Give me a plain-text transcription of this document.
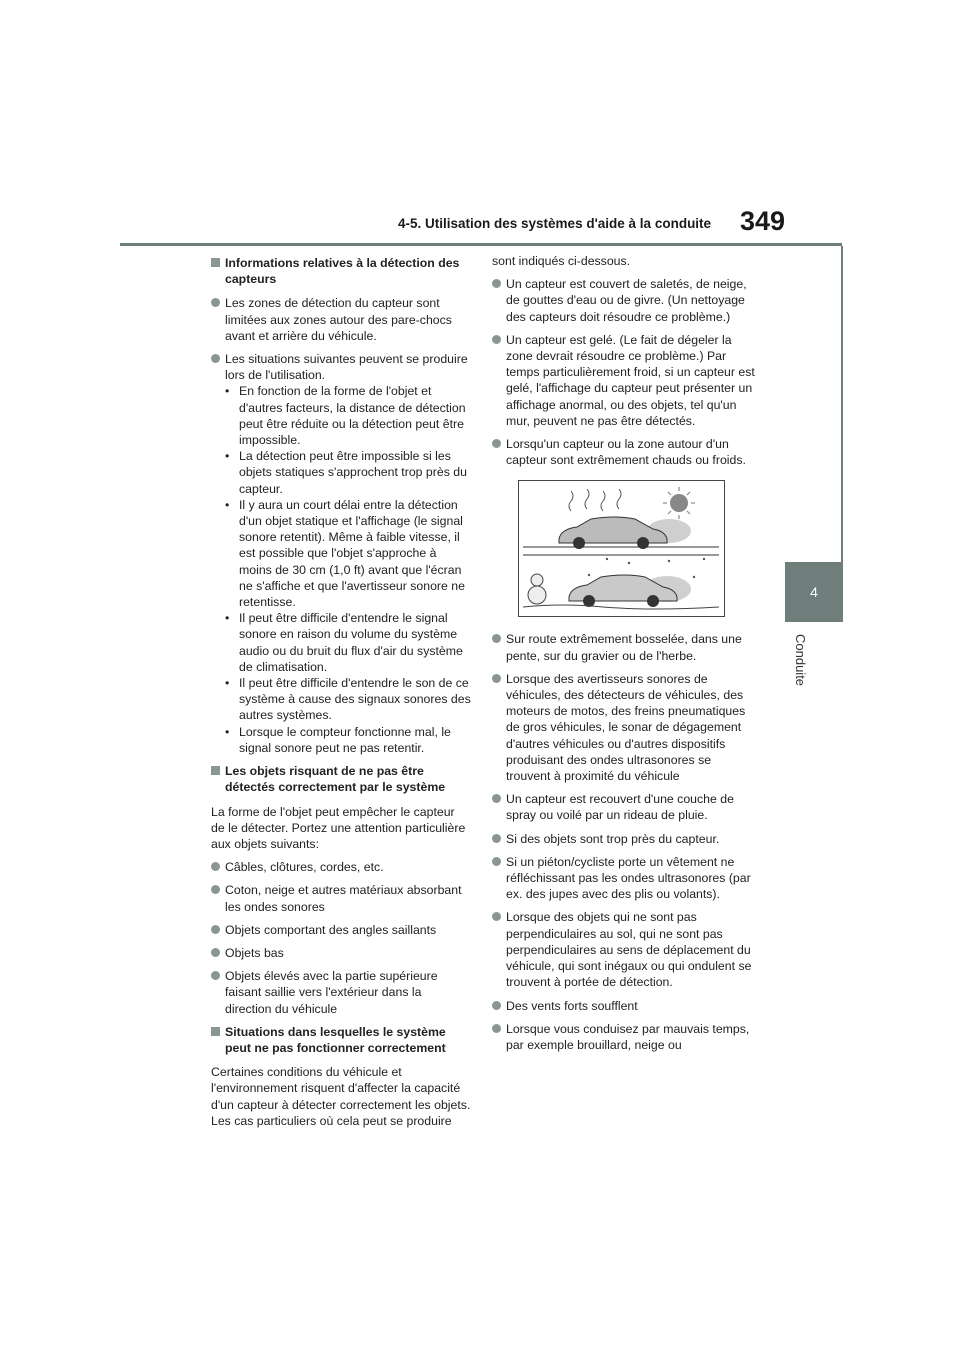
4-5. Utilisation des systèmes d'aide à la conduite 349
4
Conduite
Informations relatives à la détection des capteurs
Les zones de détection du capteur sont limitées aux zones autour des pare-chocs avant et arrière du véhicule.
Les situations suivantes peuvent se produire lors de l'utilisation.
• En fonction de la forme de l'objet et d'autres facteurs, la distance de détection peut être réduite ou la détection peut être impossible.
• La détection peut être impossible si les objets statiques s'approchent trop près du capteur.
• Il y aura un court délai entre la détection d'un objet statique et l'affichage (le signal sonore retentit). Même à faible vitesse, il est possible que l'objet s'approche à moins de 30 cm (1,0 ft) avant que l'écran ne s'affiche et que l'avertisseur sonore ne retentisse.
• Il peut être difficile d'entendre le signal sonore en raison du volume du système audio ou du bruit du flux d'air du système de climatisation.
• Il peut être difficile d'entendre le son de ce système à cause des signaux sonores des autres systèmes.
• Lorsque le compteur fonctionne mal, le signal sonore peut ne pas retentir.
Les objets risquant de ne pas être détectés correctement par le système
La forme de l'objet peut empêcher le capteur de le détecter. Portez une attention particulière aux objets suivants:
Câbles, clôtures, cordes, etc.
Coton, neige et autres matériaux absorbant les ondes sonores
Objets comportant des angles saillants
Objets bas
Objets élevés avec la partie supérieure faisant saillie vers l'extérieur dans la direction du véhicule
Situations dans lesquelles le système peut ne pas fonctionner correctement
Certaines conditions du véhicule et l'environnement risquent d'affecter la capacité d'un capteur à détecter correctement les objets. Les cas particuliers où cela peut se produire
sont indiqués ci-dessous.
Un capteur est couvert de saletés, de neige, de gouttes d'eau ou de givre. (Un nettoyage des capteurs doit résoudre ce problème.)
Un capteur est gelé. (Le fait de dégeler la zone devrait résoudre ce problème.) Par temps particulièrement froid, si un capteur est gelé, l'affichage du capteur peut présenter un affichage anormal, ou des objets, tel qu'un mur, peuvent ne pas être détectés.
Lorsqu'un capteur ou la zone autour d'un capteur sont extrêmement chauds ou froids.
Sur route extrêmement bosselée, dans une pente, sur du gravier ou de l'herbe.
Lorsque des avertisseurs sonores de véhicules, des détecteurs de véhicules, des moteurs de motos, des freins pneumatiques de gros véhicules, le sonar de dégagement d'autres véhicules ou d'autres dispositifs produisant des ondes ultrasonores se trouvent à proximité du véhicule
Un capteur est recouvert d'une couche de spray ou voilé par un rideau de pluie.
Si des objets sont trop près du capteur.
Si un piéton/cycliste porte un vêtement ne réfléchissant pas les ondes ultrasonores (par ex. des jupes avec des plis ou volants).
Lorsque des objets qui ne sont pas perpendiculaires au sol, qui ne sont pas perpendiculaires au sens de déplacement du véhicule, qui sont inégaux ou qui ondulent se trouvent à portée de détection.
Des vents forts soufflent
Lorsque vous conduisez par mauvais temps, par exemple brouillard, neige ou
